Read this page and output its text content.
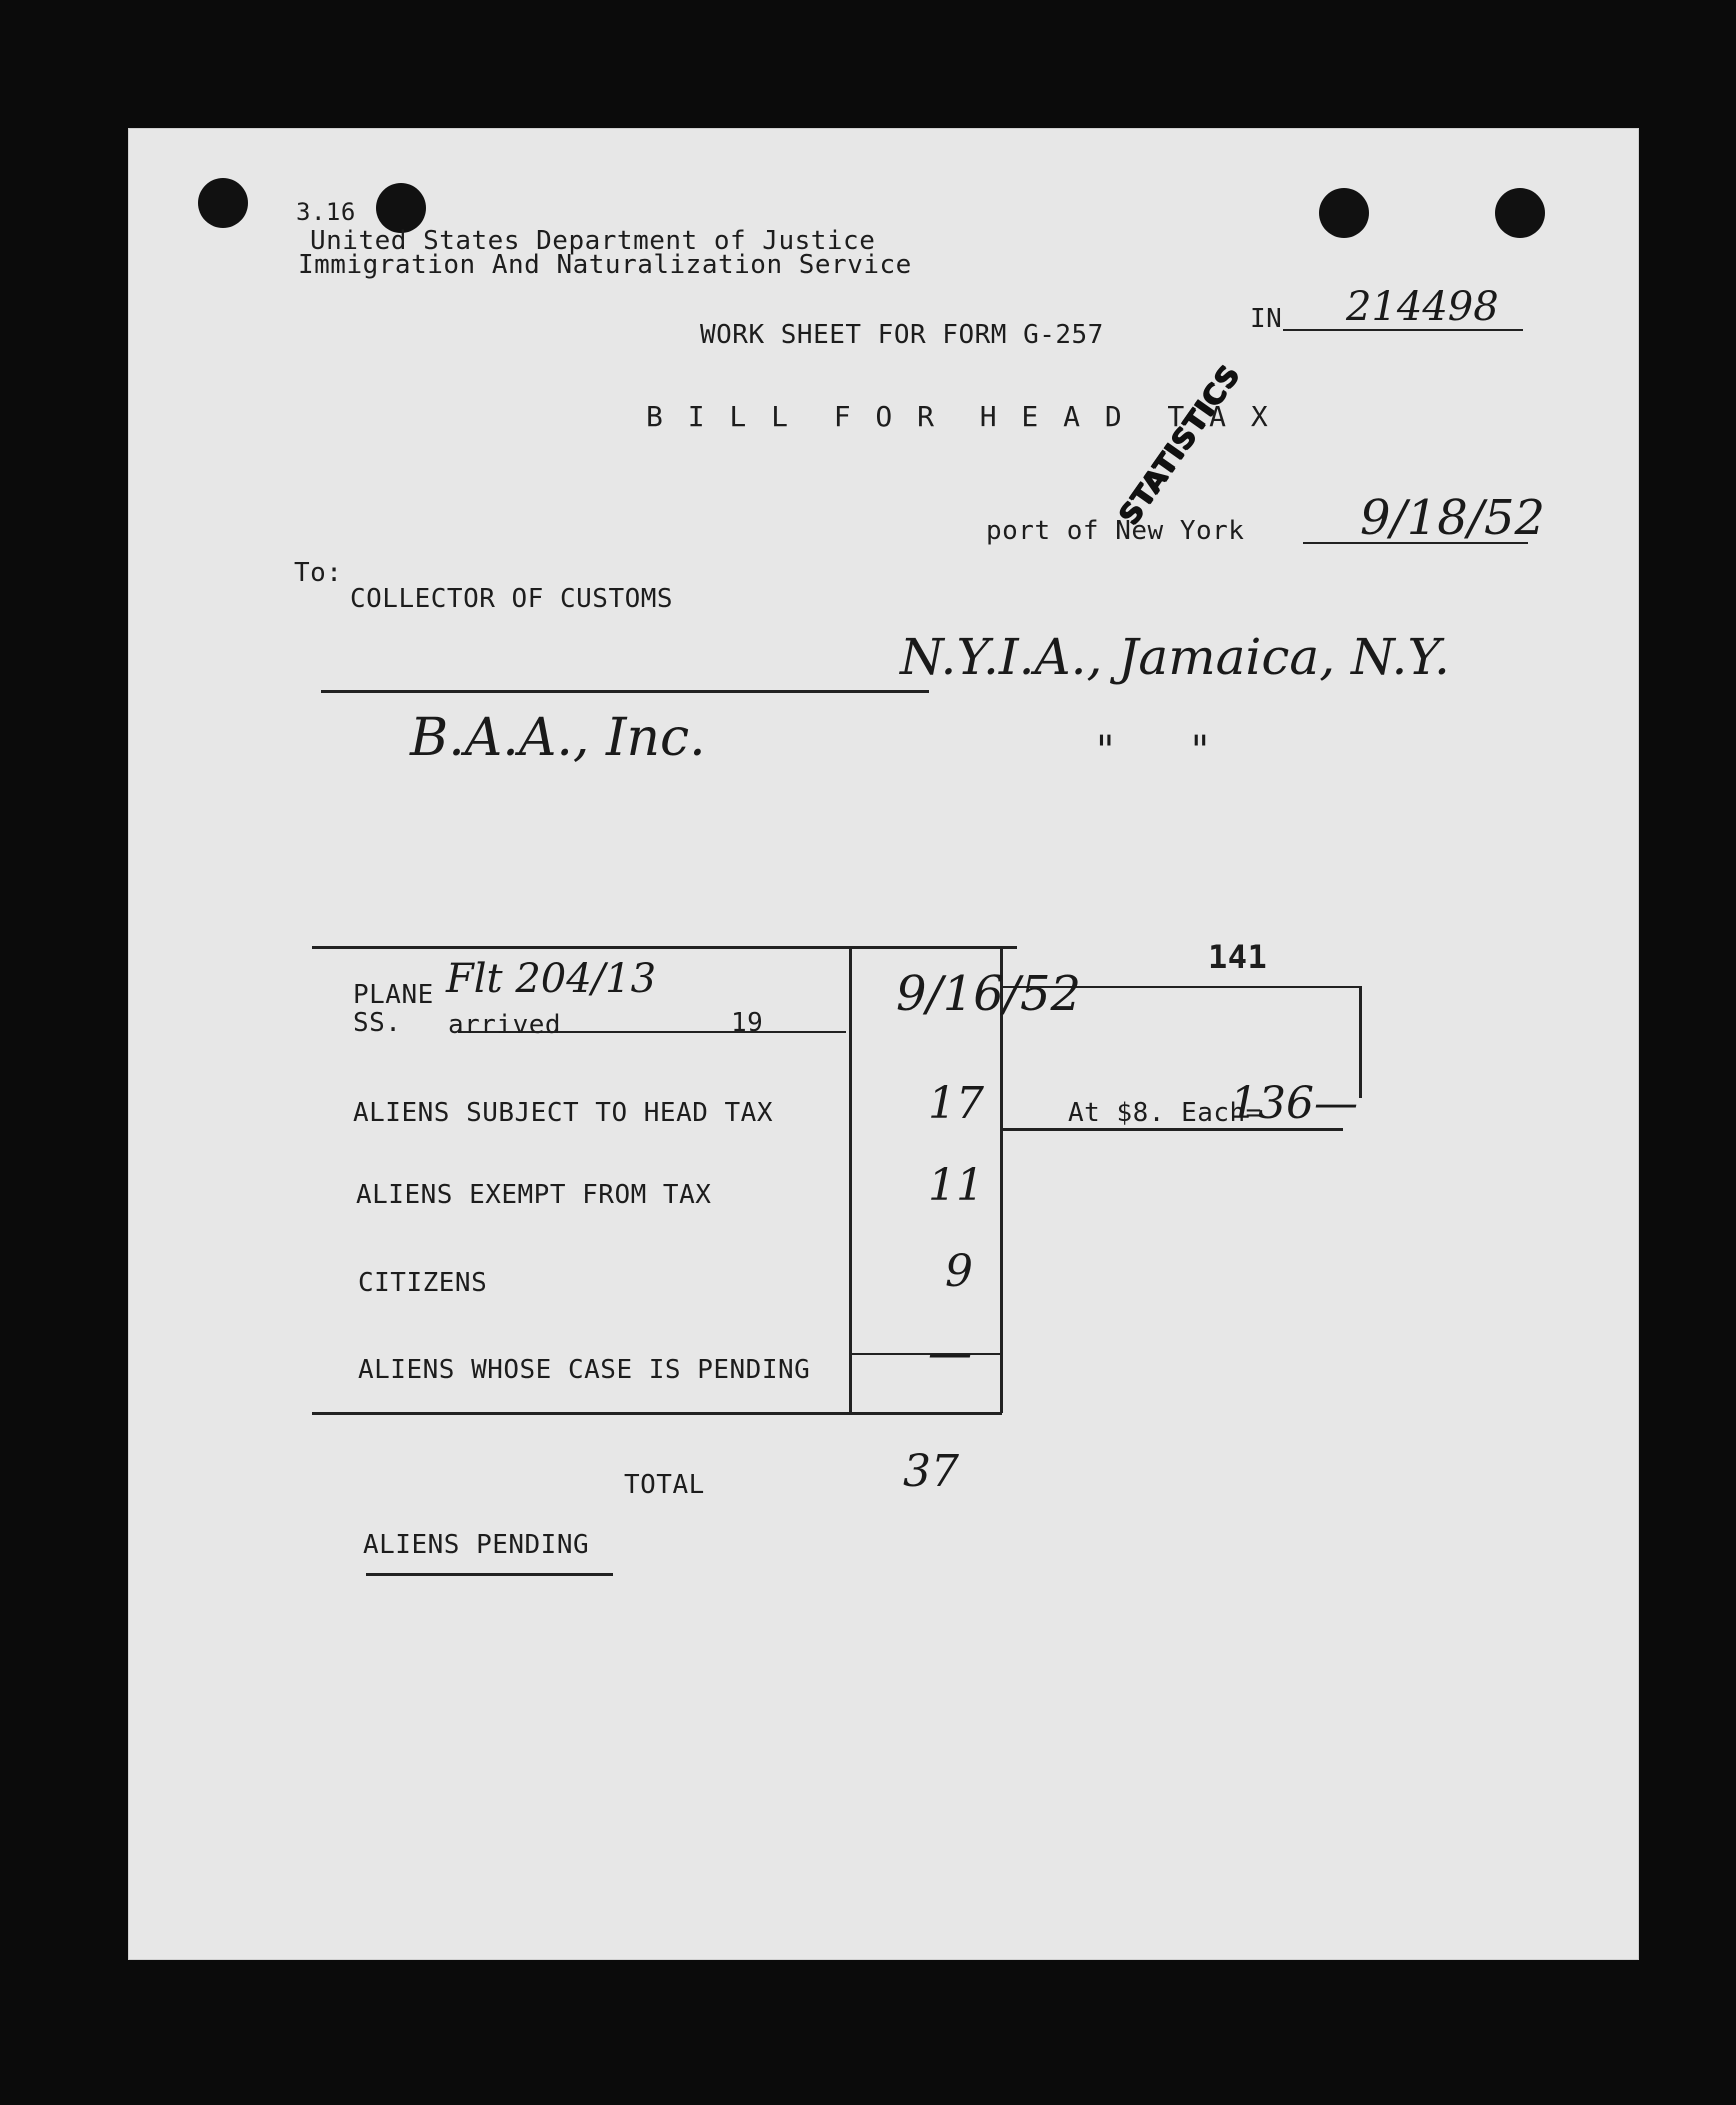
3.16
United States Department of Justice
Immigration And Naturalization Service
WORK SHEET FOR FORM G-257
STATISTICS
IN 214498
B I L L  F O R  H E A D  T A X
port of New York 9/18/52
To:
COLLECTOR OF CUSTOMS
N.Y.I.A., Jamaica, N.Y.
B.A.A., Inc.	"      "
141
PLANE Flt 204/13
SS. arrived	19
9/16/52
ALIENS SUBJECT TO HEAD TAX	17	At $8. Each=
136—
ALIENS EXEMPT FROM TAX	11
CITIZENS	9
ALIENS WHOSE CASE IS PENDING	—
TOTAL	37
ALIENS PENDING
